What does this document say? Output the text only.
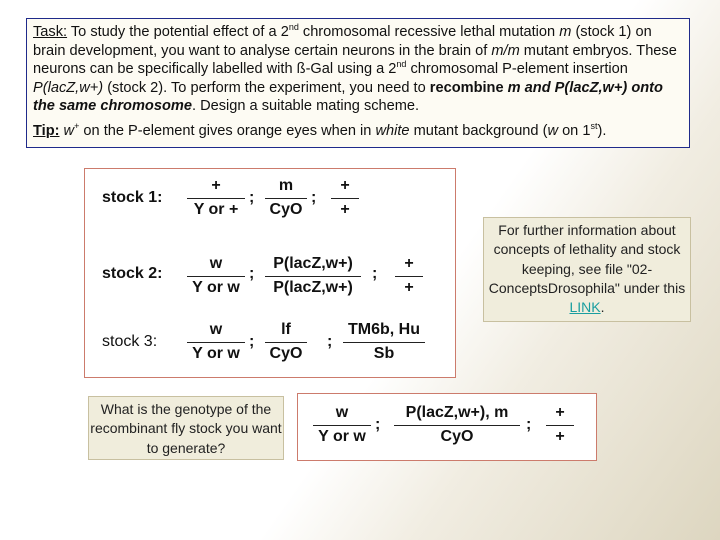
Task: To study the potential effect of a 2nd chromosomal recessive lethal mutation m (stock 1) on brain development, you want to analyse certain neurons in the brain of m/m mutant embryos. These neurons can be specifically labelled with ß-Gal using a 2nd chromosomal P-element insertion P(lacZ,w+) (stock 2). To perform the experiment, you need to recombine m and P(lacZ,w+) onto the same chromosome. Design a suitable mating scheme.

Tip: w+ on the P-element gives orange eyes when in white mutant background (w on 1st).

stock 1:
+
Y or +
;
m
CyO
;
+
+
stock 2: $\frac{w}{\text{Y or w}}$ ;
P(lacZ,w+)
P(lacZ,w+)
;
+
+
stock 3: $\frac{w}{\text{Y or w}}$ ;
lf
CyO
; $\frac{TM6b, Hu}{Sb}$
For further information about concepts of lethality and stock keeping, see file "02-ConceptsDrosophila" under this LINK.
What is the genotype of the recombinant fly stock you want to generate?
$\frac{w}{\text{Y or w}}$ ;
P(lacZ,w+), m
CyO
;
+
+
